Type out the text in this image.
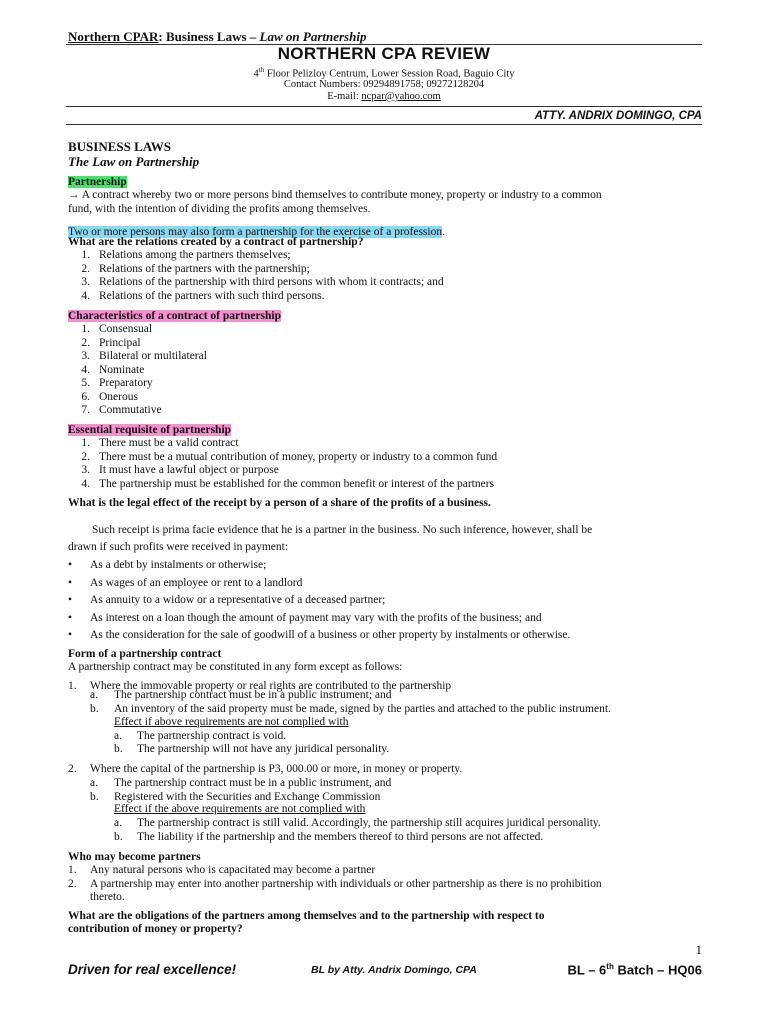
Northern CPAR: Business Laws – Law on Partnership
NORTHERN CPA REVIEW
4th Floor Pelizloy Centrum, Lower Session Road, Baguio City
Contact Numbers: 09294891758; 09272128204
E-mail: ncpar@yahoo.com
ATTY. ANDRIX DOMINGO, CPA
BUSINESS LAWS
The Law on Partnership
Partnership
→ A contract whereby two or more persons bind themselves to contribute money, property or industry to a common
fund, with the intention of dividing the profits among themselves.
Two or more persons may also form a partnership for the exercise of a profession.
What are the relations created by a contract of partnership?
1. Relations among the partners themselves;
2. Relations of the partners with the partnership;
3. Relations of the partnership with third persons with whom it contracts; and
4. Relations of the partners with such third persons.
Characteristics of a contract of partnership
1. Consensual
2. Principal
3. Bilateral or multilateral
4. Nominate
5. Preparatory
6. Onerous
7. Commutative
Essential requisite of partnership
1. There must be a valid contract
2. There must be a mutual contribution of money, property or industry to a common fund
3. It must have a lawful object or purpose
4. The partnership must be established for the common benefit or interest of the partners
What is the legal effect of the receipt by a person of a share of the profits of a business.
Such receipt is prima facie evidence that he is a partner in the business. No such inference, however, shall be
drawn if such profits were received in payment:
• As a debt by instalments or otherwise;
• As wages of an employee or rent to a landlord
• As annuity to a widow or a representative of a deceased partner;
• As interest on a loan though the amount of payment may vary with the profits of the business; and
• As the consideration for the sale of goodwill of a business or other property by instalments or otherwise.
Form of a partnership contract
A partnership contract may be constituted in any form except as follows:
1. Where the immovable property or real rights are contributed to the partnership
a. The partnership contract must be in a public instrument; and
b. An inventory of the said property must be made, signed by the parties and attached to the public instrument.
Effect if above requirements are not complied with
a. The partnership contract is void.
b. The partnership will not have any juridical personality.
2. Where the capital of the partnership is P3, 000.00 or more, in money or property.
a. The partnership contract must be in a public instrument, and
b. Registered with the Securities and Exchange Commission
Effect if the above requirements are not complied with
a. The partnership contract is still valid. Accordingly, the partnership still acquires juridical personality.
b. The liability if the partnership and the members thereof to third persons are not affected.
Who may become partners
1. Any natural persons who is capacitated may become a partner
2. A partnership may enter into another partnership with individuals or other partnership as there is no prohibition
thereto.
What are the obligations of the partners among themselves and to the partnership with respect to
contribution of money or property?
1
Driven for real excellence!	BL by Atty. Andrix Domingo, CPA	BL – 6th Batch – HQ06
